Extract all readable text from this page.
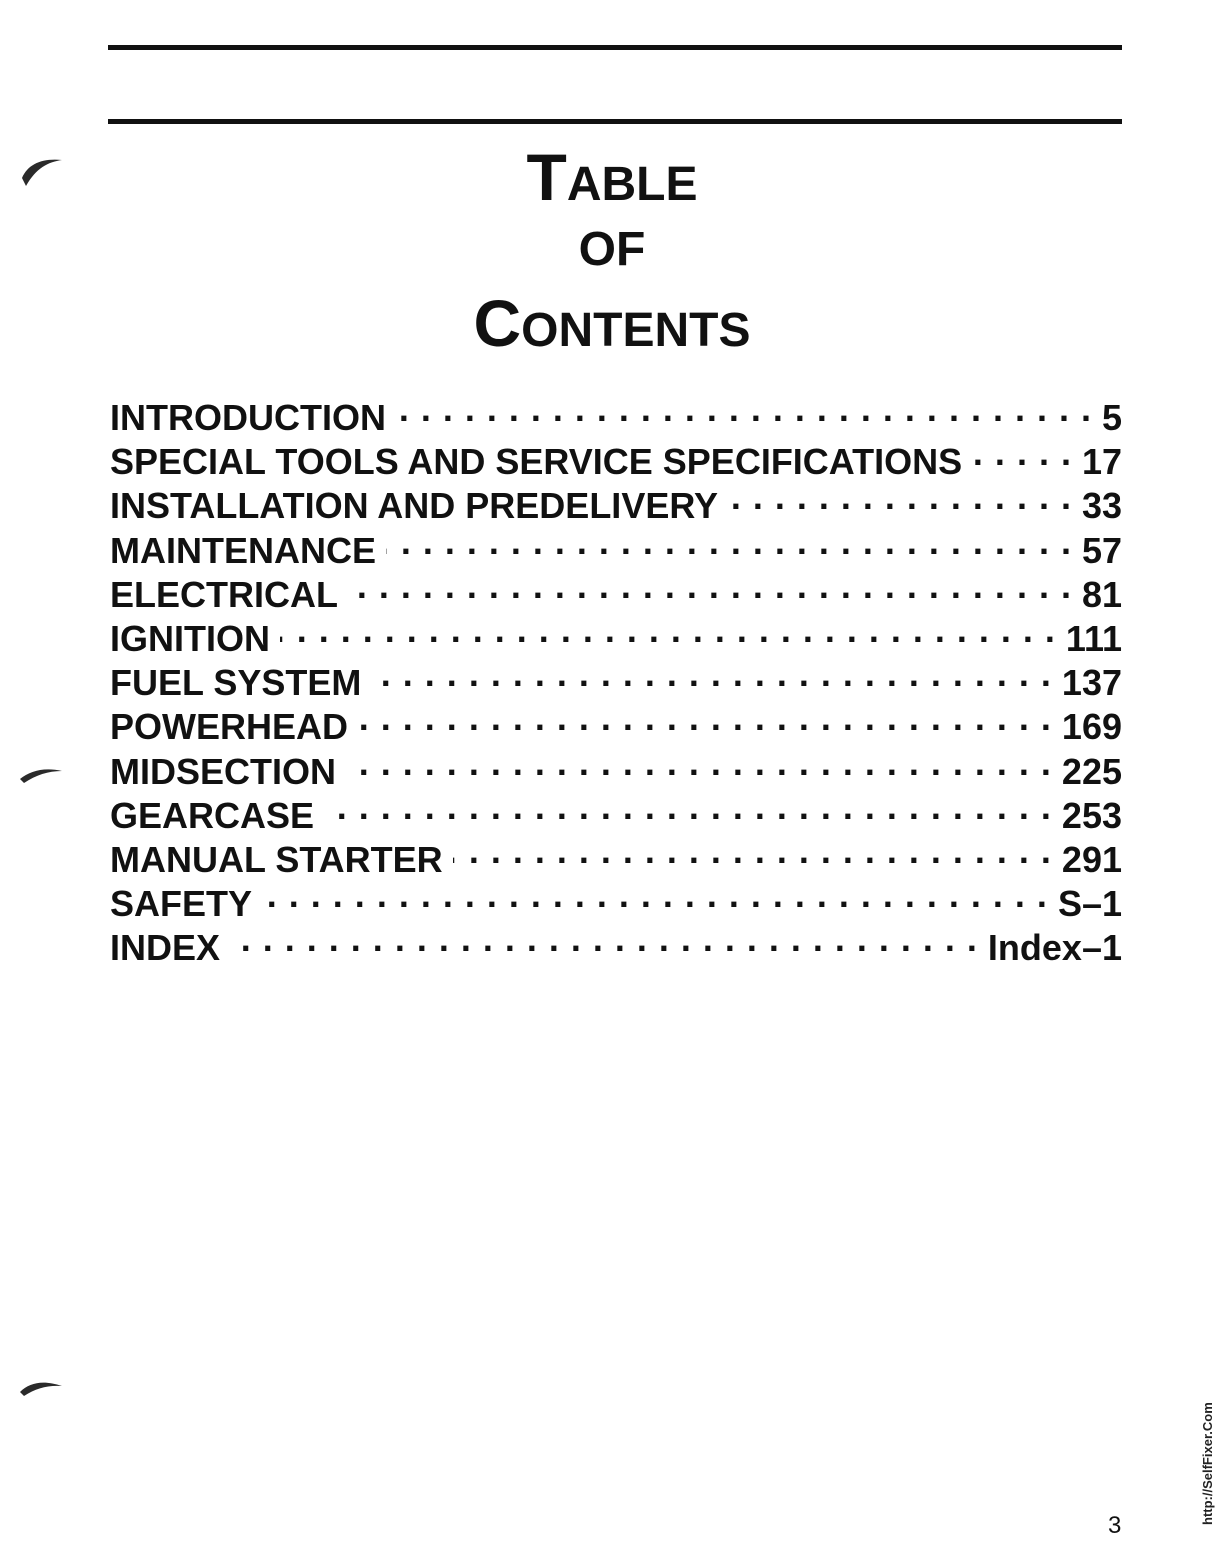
TABLE
OF
CONTENTS
INTRODUCTION . . .	5
SPECIAL TOOLS AND SERVICE SPECIFICATIONS . . .	17
INSTALLATION AND PREDELIVERY . . .	33
MAINTENANCE . . .	57
ELECTRICAL . . .	81
IGNITION . . .	111
FUEL SYSTEM . . .	137
POWERHEAD . . .	169
MIDSECTION . . .	225
GEARCASE . . .	253
MANUAL STARTER . . .	291
SAFETY . . .	S–1
INDEX . . .	Index–1
3
http://SelfFixer.Com
